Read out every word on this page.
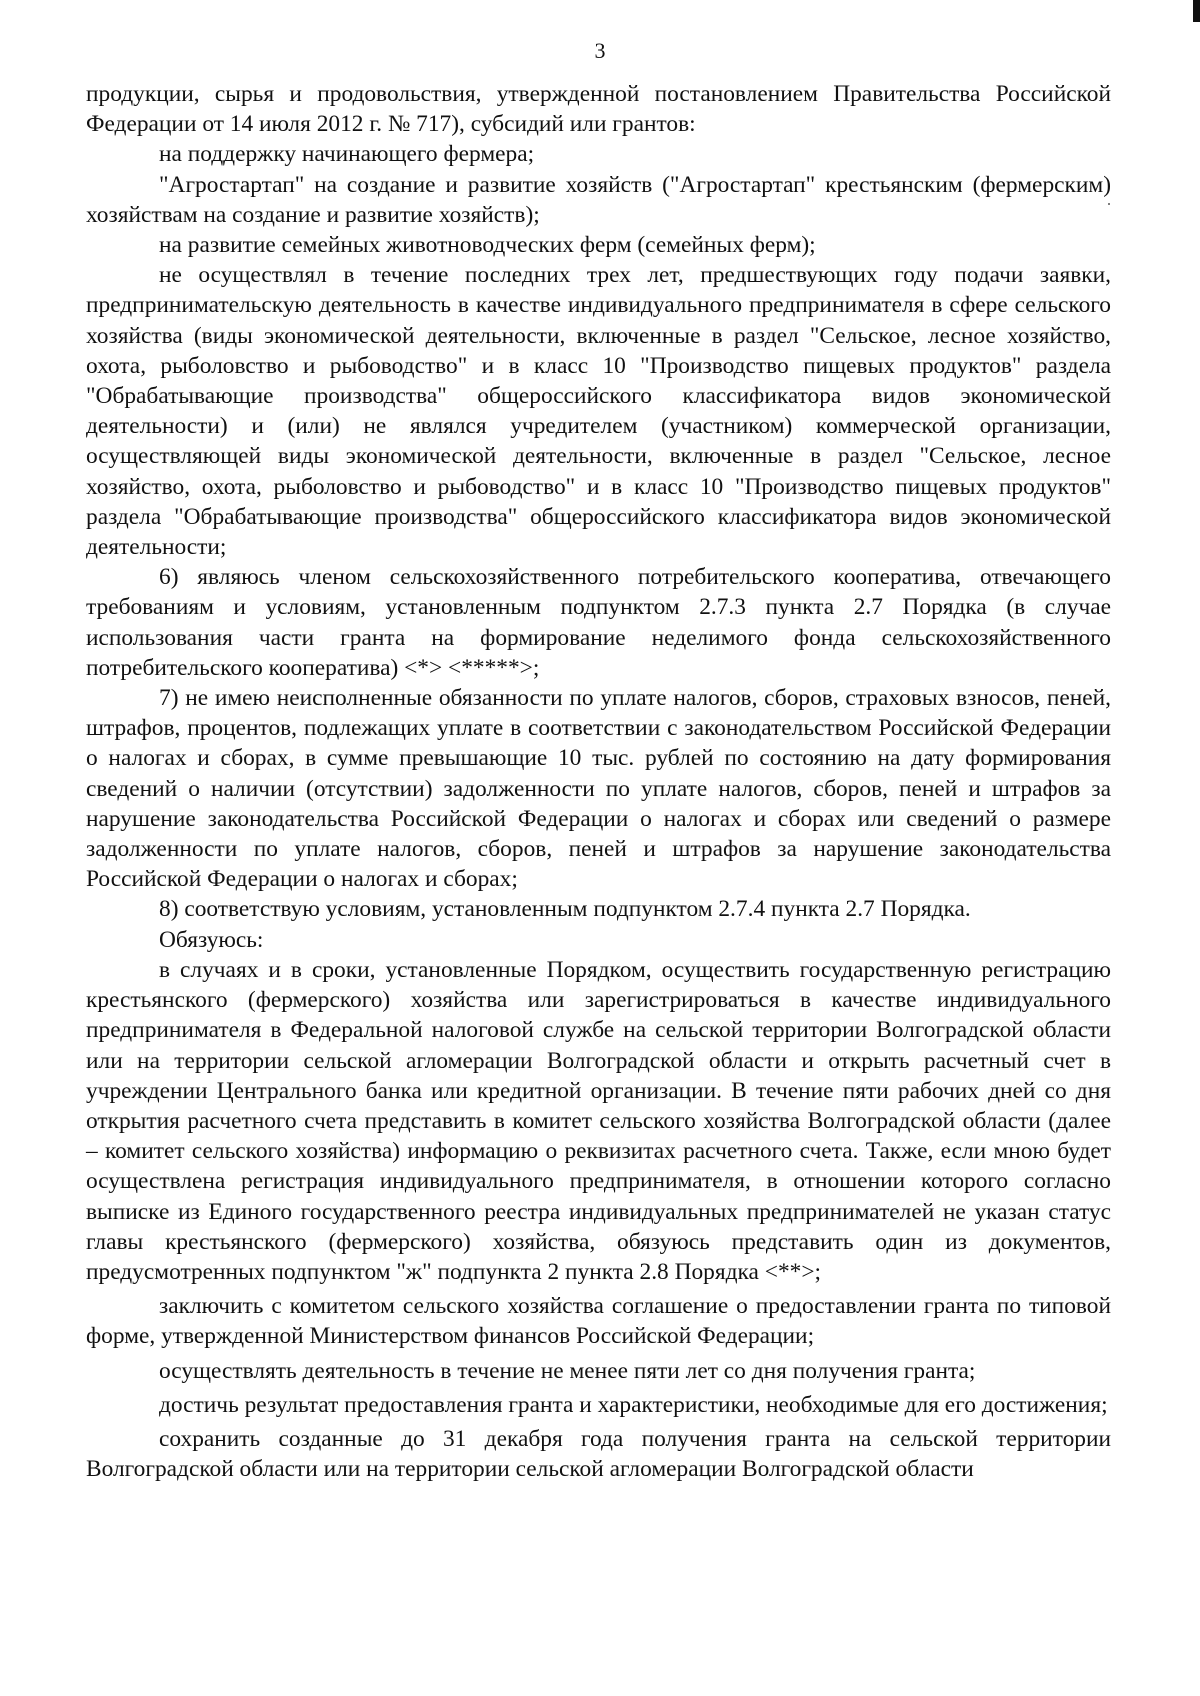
3

продукции, сырья и продовольствия, утвержденной постановлением Правительства Российской Федерации от 14 июля 2012 г. № 717), субсидий или грантов:

на поддержку начинающего фермера;

"Агростартап" на создание и развитие хозяйств ("Агростартап" крестьянским (фермерским) хозяйствам на создание и развитие хозяйств);

на развитие семейных животноводческих ферм (семейных ферм);

не осуществлял в течение последних трех лет, предшествующих году подачи заявки, предпринимательскую деятельность в качестве индивидуального предпринимателя в сфере сельского хозяйства (виды экономической деятельности, включенные в раздел "Сельское, лесное хозяйство, охота, рыболовство и рыбоводство" и в класс 10 "Производство пищевых продуктов" раздела "Обрабатывающие производства" общероссийского классификатора видов экономической деятельности) и (или) не являлся учредителем (участником) коммерческой организации, осуществляющей виды экономической деятельности, включенные в раздел "Сельское, лесное хозяйство, охота, рыболовство и рыбоводство" и в класс 10 "Производство пищевых продуктов" раздела "Обрабатывающие производства" общероссийского классификатора видов экономической деятельности;

6) являюсь членом сельскохозяйственного потребительского кооператива, отвечающего требованиям и условиям, установленным подпунктом 2.7.3 пункта 2.7 Порядка (в случае использования части гранта на формирование неделимого фонда сельскохозяйственного потребительского кооператива) <*> <*****>;

7) не имею неисполненные обязанности по уплате налогов, сборов, страховых взносов, пеней, штрафов, процентов, подлежащих уплате в соответствии с законодательством Российской Федерации о налогах и сборах, в сумме превышающие 10 тыс. рублей по состоянию на дату формирования сведений о наличии (отсутствии) задолженности по уплате налогов, сборов, пеней и штрафов за нарушение законодательства Российской Федерации о налогах и сборах или сведений о размере задолженности по уплате налогов, сборов, пеней и штрафов за нарушение законодательства Российской Федерации о налогах и сборах;

8) соответствую условиям, установленным подпунктом 2.7.4 пункта 2.7 Порядка.

Обязуюсь:

в случаях и в сроки, установленные Порядком, осуществить государственную регистрацию крестьянского (фермерского) хозяйства или зарегистрироваться в качестве индивидуального предпринимателя в Федеральной налоговой службе на сельской территории Волгоградской области или на территории сельской агломерации Волгоградской области и открыть расчетный счет в учреждении Центрального банка или кредитной организации. В течение пяти рабочих дней со дня открытия расчетного счета представить в комитет сельского хозяйства Волгоградской области (далее – комитет сельского хозяйства) информацию о реквизитах расчетного счета. Также, если мною будет осуществлена регистрация индивидуального предпринимателя, в отношении которого согласно выписке из Единого государственного реестра индивидуальных предпринимателей не указан статус главы крестьянского (фермерского) хозяйства, обязуюсь представить один из документов, предусмотренных подпунктом "ж" подпункта 2 пункта 2.8 Порядка <**>;

заключить с комитетом сельского хозяйства соглашение о предоставлении гранта по типовой форме, утвержденной Министерством финансов Российской Федерации;

осуществлять деятельность в течение не менее пяти лет со дня получения гранта;

достичь результат предоставления гранта и характеристики, необходимые для его достижения;

сохранить созданные до 31 декабря года получения гранта на сельской территории Волгоградской области или на территории сельской агломерации Волгоградской области
